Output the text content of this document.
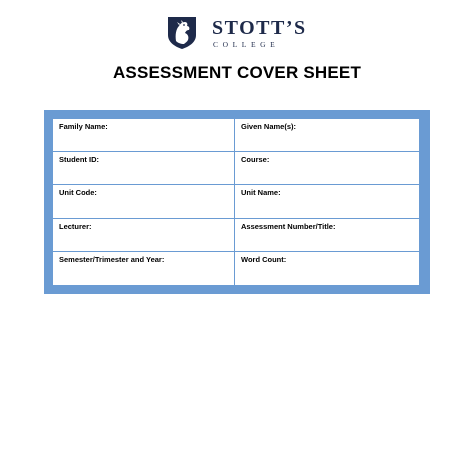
STOTT’S
COLLEGE
ASSESSMENT COVER SHEET
Family Name:	Given Name(s):
Student ID:	Course:
Unit Code:	Unit Name:
Lecturer:	Assessment Number/Title:
Semester/Trimester and Year:	Word Count:
